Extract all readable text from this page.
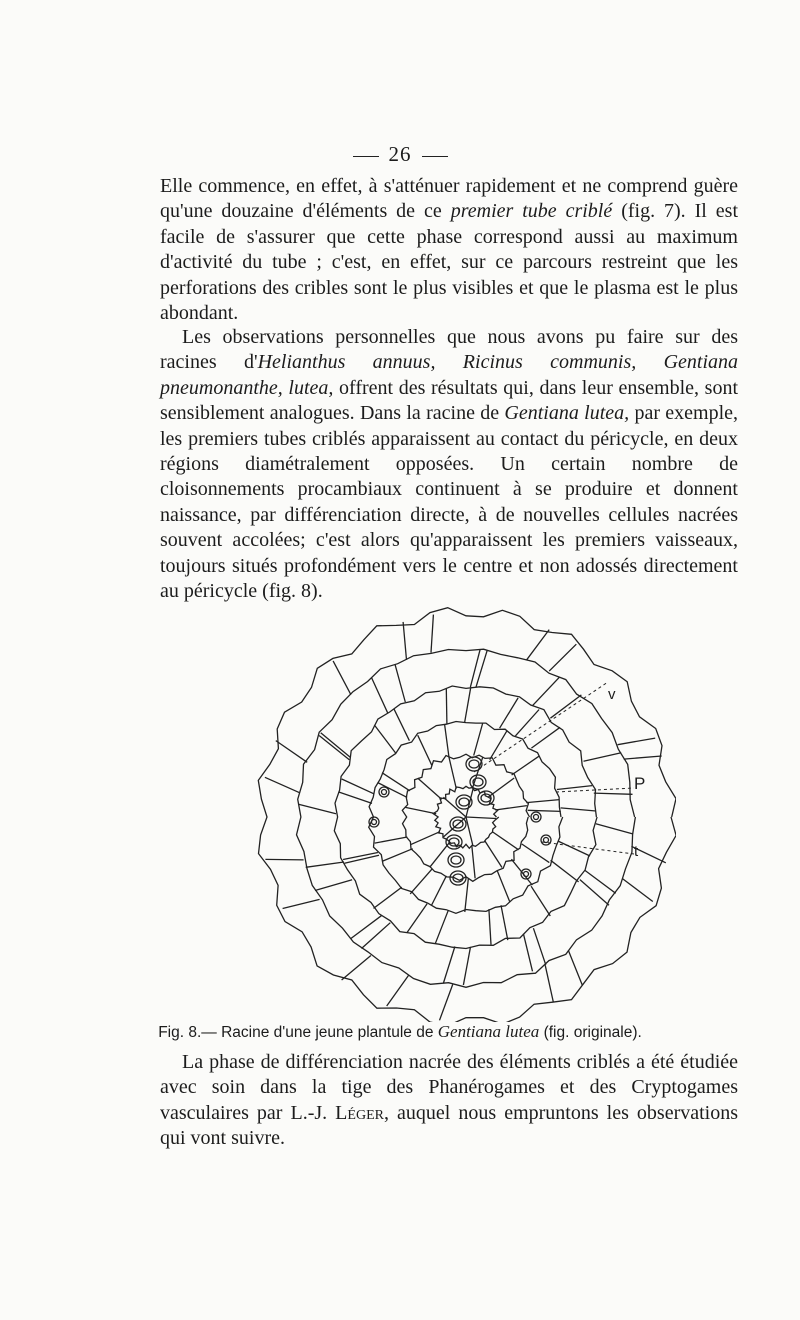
26

Elle commence, en effet, à s'atténuer rapidement et ne comprend guère qu'une douzaine d'éléments de ce premier tube criblé (fig. 7). Il est facile de s'assurer que cette phase correspond aussi au maximum d'activité du tube ; c'est, en effet, sur ce parcours restreint que les perforations des cribles sont le plus visibles et que le plasma est le plus abondant.

Les observations personnelles que nous avons pu faire sur des racines d'Helianthus annuus, Ricinus communis, Gentiana pneumonanthe, lutea, offrent des résultats qui, dans leur ensemble, sont sensiblement analogues. Dans la racine de Gentiana lutea, par exemple, les premiers tubes criblés apparaissent au contact du péricycle, en deux régions diamétralement opposées. Un certain nombre de cloisonnements procambiaux continuent à se produire et donnent naissance, par différenciation directe, à de nouvelles cellules nacrées souvent accolées; c'est alors qu'apparaissent les premiers vaisseaux, toujours situés profondément vers le centre et non adossés directement au péricycle (fig. 8).

v
P
t
Fig. 8.— Racine d'une jeune plantule de Gentiana lutea (fig. originale).

La phase de différenciation nacrée des éléments criblés a été étudiée avec soin dans la tige des Phanérogames et des Cryptogames vasculaires par L.-J. Léger, auquel nous empruntons les observations qui vont suivre.
